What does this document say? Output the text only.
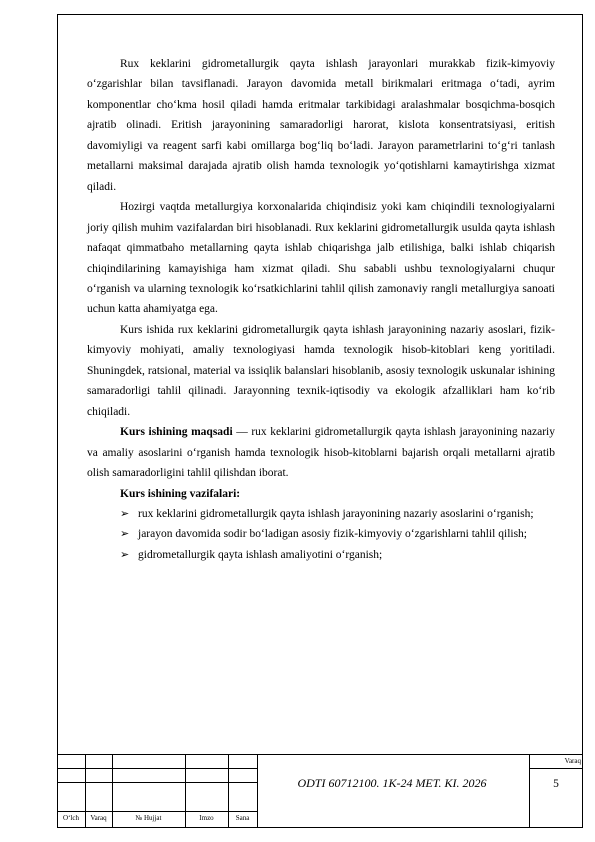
Rux keklarini gidrometallurgik qayta ishlash jarayonlari murakkab fizik-kimyoviy o‘zgarishlar bilan tavsiflanadi. Jarayon davomida metall birikmalari eritmaga o‘tadi, ayrim komponentlar cho‘kma hosil qiladi hamda eritmalar tarkibidagi aralashmalar bosqichma-bosqich ajratib olinadi. Eritish jarayonining samaradorligi harorat, kislota konsentratsiyasi, eritish davomiyligi va reagent sarfi kabi omillarga bog‘liq bo‘ladi. Jarayon parametrlarini to‘g‘ri tanlash metallarni maksimal darajada ajratib olish hamda texnologik yo‘qotishlarni kamaytirishga xizmat qiladi.

Hozirgi vaqtda metallurgiya korxonalarida chiqindisiz yoki kam chiqindili texnologiyalarni joriy qilish muhim vazifalardan biri hisoblanadi. Rux keklarini gidrometallurgik usulda qayta ishlash nafaqat qimmatbaho metallarning qayta ishlab chiqarishga jalb etilishiga, balki ishlab chiqarish chiqindilarining kamayishiga ham xizmat qiladi. Shu sababli ushbu texnologiyalarni chuqur o‘rganish va ularning texnologik ko‘rsatkichlarini tahlil qilish zamonaviy rangli metallurgiya sanoati uchun katta ahamiyatga ega.

Kurs ishida rux keklarini gidrometallurgik qayta ishlash jarayonining nazariy asoslari, fizik-kimyoviy mohiyati, amaliy texnologiyasi hamda texnologik hisob-kitoblari keng yoritiladi. Shuningdek, ratsional, material va issiqlik balanslari hisoblanib, asosiy texnologik uskunalar ishining samaradorligi tahlil qilinadi. Jarayonning texnik-iqtisodiy va ekologik afzalliklari ham ko‘rib chiqiladi.

Kurs ishining maqsadi — rux keklarini gidrometallurgik qayta ishlash jarayonining nazariy va amaliy asoslarini o‘rganish hamda texnologik hisob-kitoblarni bajarish orqali metallarni ajratib olish samaradorligini tahlil qilishdan iborat.

Kurs ishining vazifalari:

➢ rux keklarini gidrometallurgik qayta ishlash jarayonining nazariy asoslarini o‘rganish;
➢ jarayon davomida sodir bo‘ladigan asosiy fizik-kimyoviy o‘zgarishlarni tahlil qilish;
➢ gidrometallurgik qayta ishlash amaliyotini o‘rganish;
O‘lch	Varaq	№ Hujjat	Imzo	Sana
ODTI 60712100. 1K-24 MET. KI. 2026
Varaq
5
